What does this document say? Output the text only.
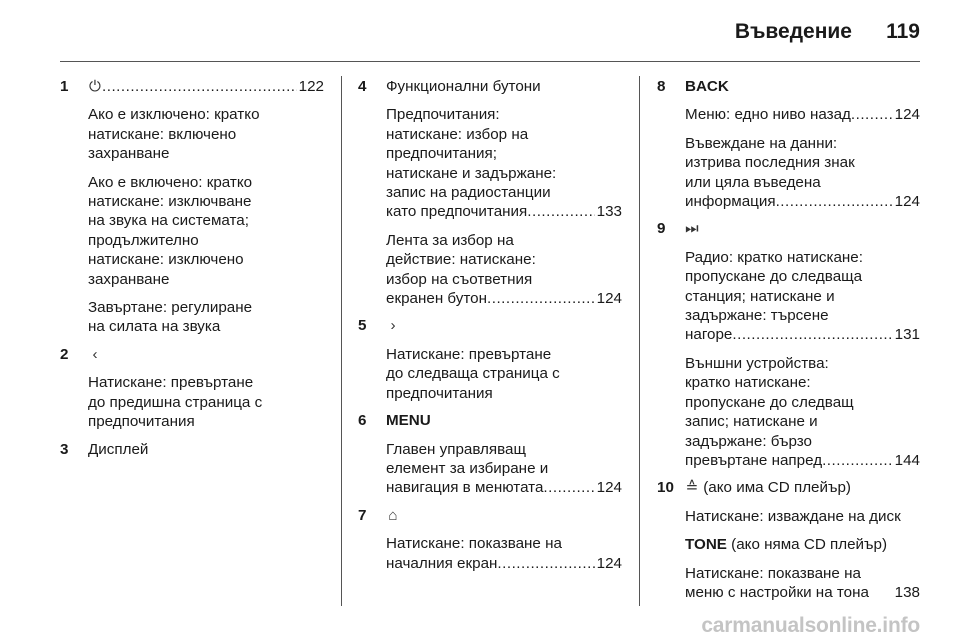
Въведение 119
1 ⏻ .....	122
Ако е изключено: кратко
натискане: включено
захранване
Ако е включено: кратко
натискане: изключване
на звука на системата;
продължително
натискане: изключено
захранване
Завъртане: регулиране
на силата на звука
2 ‹
Натискане: превъртане
до предишна страница с
предпочитания
3 Дисплей
4 Функционални бутони
Предпочитания:
натискане: избор на
предпочитания;
натискане и задържане:
запис на радиостанции
като предпочитания .....	133
Лента за избор на
действие: натискане:
избор на съответния
екранен бутон .....	124
5 ›
Натискане: превъртане
до следваща страница с
предпочитания
6 MENU
Главен управляващ
елемент за избиране и
навигация в менютата .....	124
7 ⌂
Натискане: показване на
началния екран .....	124
8 BACK
Меню: едно ниво назад .....	124
Въвеждане на данни:
изтрива последния знак
или цяла въведена
информация .....	124
9 ⏭
Радио: кратко натискане:
пропускане до следваща
станция; натискане и
задържане: търсене
нагоре .....	131
Външни устройства:
кратко натискане:
пропускане до следващ
запис; натискане и
задържане: бързо
превъртане напред .....	144
10 ≙ (ако има CD плейър)
Натискане: изваждане на диск
TONE (ако няма CD плейър)
Натискане: показване на
меню с настройки на тона 138
carmanualsonline.info
